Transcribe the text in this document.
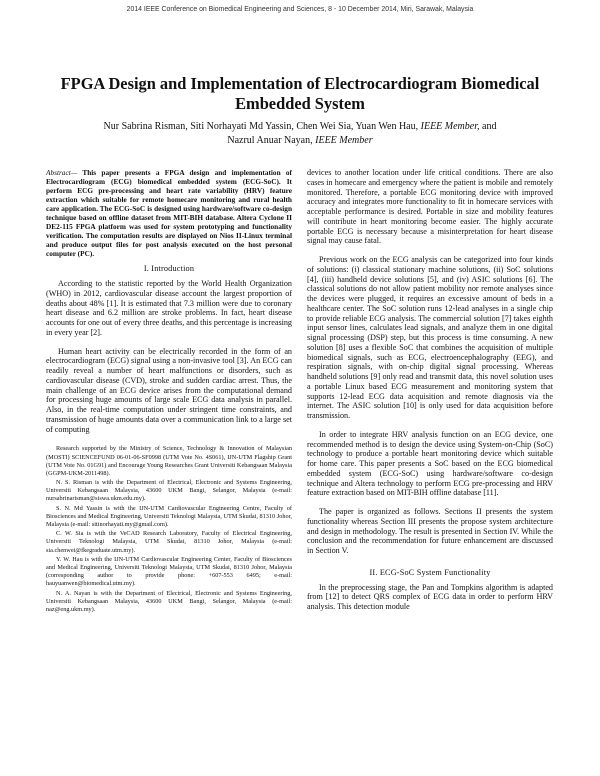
2014 IEEE Conference on Biomedical Engineering and Sciences, 8 - 10 December 2014, Miri, Sarawak, Malaysia
FPGA Design and Implementation of Electrocardiogram Biomedical Embedded System
Nur Sabrina Risman, Siti Norhayati Md Yassin, Chen Wei Sia, Yuan Wen Hau, IEEE Member, and
Nazrul Anuar Nayan, IEEE Member

Abstract— This paper presents a FPGA design and implementation of Electrocardiogram (ECG) biomedical embedded system (ECG-SoC). It perform ECG pre-processing and heart rate variability (HRV) feature extraction which suitable for remote homecare monitoring and rural health care application. The ECG-SoC is designed using hardware/software co-design technique based on offline dataset from MIT-BIH database. Altera Cyclone II DE2-115 FPGA platform was used for system prototyping and functionality verification. The computation results are displayed on Nios II-Linux terminal and produce output files for post analysis executed on the host personal computer (PC).

I. Introduction

According to the statistic reported by the World Health Organization (WHO) in 2012, cardiovascular disease account the largest proportion of deaths about 48% [1]. It is estimated that 7.3 million were due to coronary heart disease and 6.2 million are stroke problems. In fact, heart disease accounts for one out of every three deaths, and this percentage is increasing in every year [2].

Human heart activity can be electrically recorded in the form of an electrocardiogram (ECG) signal using a non-invasive tool [3]. An ECG can readily reveal a number of heart malfunctions or disorders, such as cardiovascular disease (CVD), stroke and sudden cardiac arrest. Thus, the main challenge of an ECG device arises from the computational demand for processing huge amounts of large scale ECG data analysis in parallel. Also, in the real-time computation under stringent time constraints, and transmission of huge amounts data over a communication link to a large set of computing

Research supported by the Ministry of Science, Technology & Innovation of Malaysian (MOSTI) SCIENCEFUND 06-01-06-SF0998 (UTM Vote No. 4S061), IJN-UTM Flagship Grant (UTM Vote No. 01G91) and Encourage Young Researches Grant Universiti Kebangsaan Malaysia (GGPM-UKM-2011498).

N. S. Risman is with the Department of Electrical, Electronic and Systems Engineering, Universiti Kebangsaan Malaysia, 43600 UKM Bangi, Selangor, Malaysia (e-mail: nursabrinarisman@siswa.ukm.edu.my).

S. N. Md Yassin is with the IJN-UTM Cardiovascular Engineering Centre, Faculty of Biosciences and Medical Engineering, Universiti Teknologi Malaysia, UTM Skudai, 81310 Johor, Malaysia (e-mail: sitinorhayati.my@gmail.com).

C. W. Sia is with the VeCAD Research Laboratory, Faculty of Electrical Engineering, Universiti Teknologi Malaysia, UTM Skudai, 81310 Johor, Malaysia (e-mail: sia.chenwei@fkegraduate.utm.my).

Y. W. Hau is with the IJN-UTM Cardiovascular Engineering Center, Faculty of Biosciences and Medical Engineering, Universiti Teknologi Malaysia, UTM Skudai, 81310 Johor, Malaysia (corresponding author to provide phone: +607-553 6495; e-mail: hauyuanwen@biomedical.utm.my).

N. A. Nayan is with the Department of Electrical, Electronic and Systems Engineering, Universiti Kebangsaan Malaysia, 43600 UKM Bangi, Selangor, Malaysia (e-mail: naz@eng.ukm.my).

devices to another location under life critical conditions. There are also cases in homecare and emergency where the patient is mobile and remotely monitored. Therefore, a portable ECG monitoring device with improved accuracy and integrates more functionality to fit in homecare services with acceptable performance is desired. Portable in size and mobility features will contribute in heart monitoring become easier. The highly accurate portable ECG is necessary because a misinterpretation for heart disease signal may cause fatal.

Previous work on the ECG analysis can be categorized into four kinds of solutions: (i) classical stationary machine solutions, (ii) SoC solutions [4], (iii) handheld device solutions [5], and (iv) ASIC solutions [6]. The classical solutions do not allow patient mobility nor remote analyses since the devices were plugged, it requires an excessive amount of beds in a healthcare center. The SoC solution runs 12-lead analyses in a single chip to provide reliable ECG analysis. The commercial solution [7] takes eighth input sensor lines, calculates lead signals, and analyze them in one digital signal processing (DSP) step, but this process is time consuming. A new solution [8] uses a flexible SoC that combines the acquisition of multiple biomedical signals, such as ECG, electroencephalography (EEG), and respiration signals, with on-chip digital signal processing. Whereas handheld solutions [9] only read and transmit data, this novel solution uses a portable Linux based ECG measurement and monitoring system that supports 12-lead ECG data acquisition and remote diagnosis via the internet. The ASIC solution [10] is only used for data acquisition before transmission.

In order to integrate HRV analysis function on an ECG device, one recommended method is to design the device using System-on-Chip (SoC) technology to produce a portable heart monitoring device which suitable for home care. This paper presents a SoC based on the ECG biomedical embedded system (ECG-SoC) using hardware/software co-design technique and Altera technology to perform ECG pre-processing and HRV feature extraction based on MIT-BIH offline database [11].

The paper is organized as follows. Sections II presents the system functionality whereas Section III presents the propose system architecture and design in methodology. The result is presented in Section IV. While the conclusion and the recommendation for future enhancement are discussed in Section V.

II. ECG-SoC System Functionality

In the preprocessing stage, the Pan and Tompkins algorithm is adapted from [12] to detect QRS complex of ECG data in order to perform HRV analysis. This detection module
